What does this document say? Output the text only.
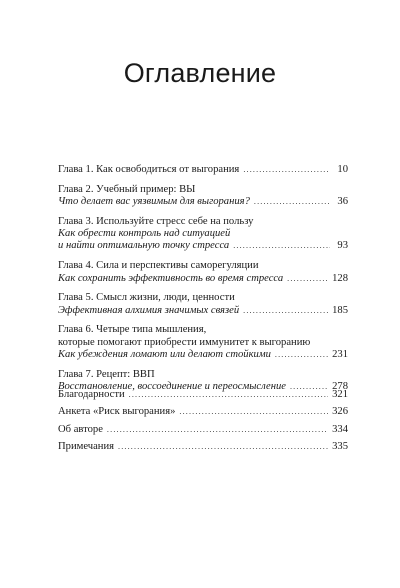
Оглавление
Глава 1. Как освободиться от выгорания .....	10
Глава 2. Учебный пример: ВЫ
Что делает вас уязвимым для выгорания? .....	36
Глава 3. Используйте стресс себе на пользу
Как обрести контроль над ситуацией
и найти оптимальную точку стресса .....	93
Глава 4. Сила и перспективы саморегуляции
Как сохранить эффективность во время стресса .....	128
Глава 5. Смысл жизни, люди, ценности
Эффективная алхимия значимых связей .....	185
Глава 6. Четыре типа мышления,
которые помогают приобрести иммунитет к выгоранию
Как убеждения ломают или делают стойкими .....	231
Глава 7. Рецепт: ВВП
Восстановление, воссоединение и переосмысление .....	278
Благодарности .....	321
Анкета «Риск выгорания» .....	326
Об авторе .....	334
Примечания .....	335
